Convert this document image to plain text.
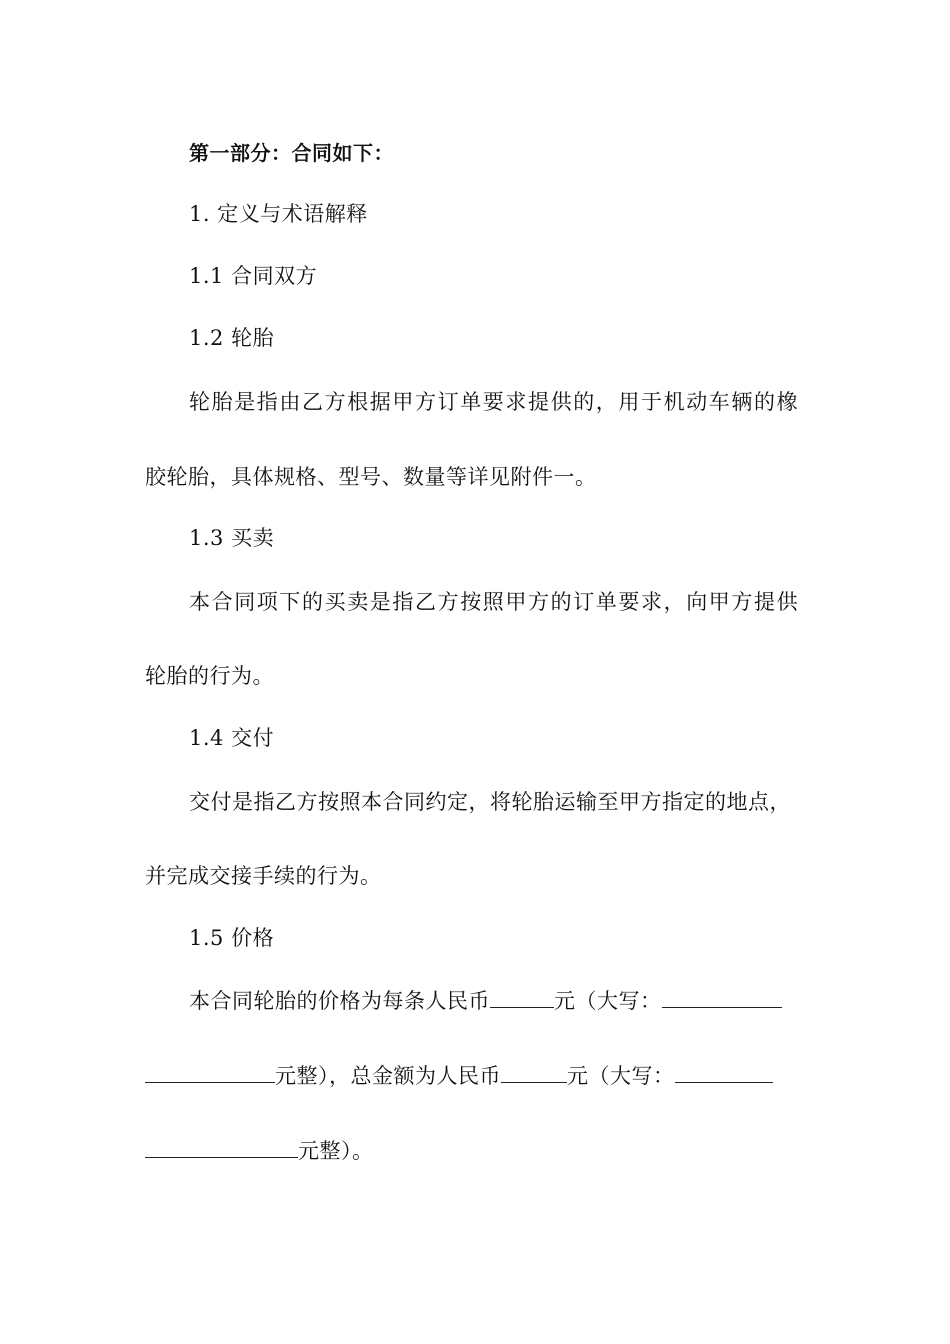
第一部分：合同如下：
1. 定义与术语解释
1.1 合同双方
1.2 轮胎
轮胎是指由乙方根据甲方订单要求提供的，用于机动车辆的橡
胶轮胎，具体规格、型号、数量等详见附件一。
1.3 买卖
本合同项下的买卖是指乙方按照甲方的订单要求，向甲方提供
轮胎的行为。
1.4 交付
交付是指乙方按照本合同约定，将轮胎运输至甲方指定的地点，
并完成交接手续的行为。
1.5 价格
本合同轮胎的价格为每条人民币	元（大写：
元整），总金额为人民币	元（大写：
元整）。
